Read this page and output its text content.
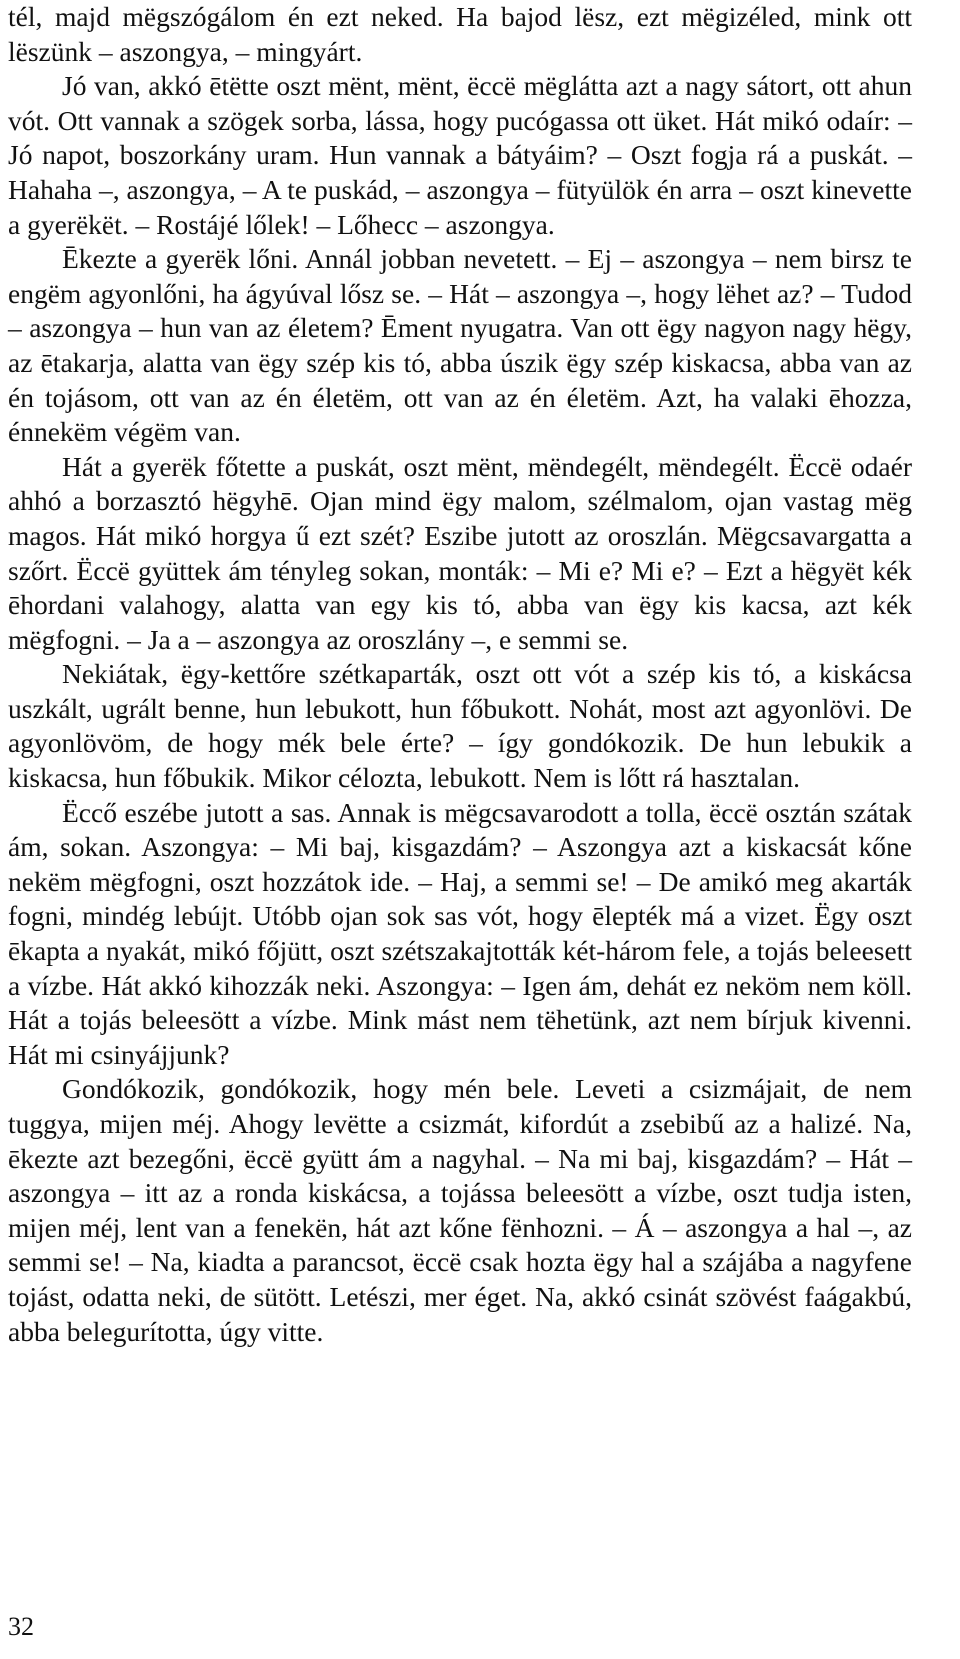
tél, majd mëgszógálom én ezt neked. Ha bajod lësz, ezt mëgizéled, mink ott lëszünk – aszongya, – mingyárt.

Jó van, akkó ētëtte oszt mënt, mënt, ëccë mëglátta azt a nagy sátort, ott ahun vót. Ott vannak a szögek sorba, lássa, hogy pucógassa ott üket. Hát mikó odaír: – Jó napot, boszorkány uram. Hun vannak a bátyáim? – Oszt fogja rá a puskát. – Hahaha –, aszongya, – A te puskád, – aszongya – fütyülök én arra – oszt kinevette a gyerëkët. – Rostájé lőlek! – Lőhecc – aszongya.

Ēkezte a gyerëk lőni. Annál jobban nevetett. – Ej – aszongya – nem birsz te engëm agyonlőni, ha ágyúval lősz se. – Hát – aszongya –, hogy lëhet az? – Tudod – aszongya – hun van az életem? Ēment nyugatra. Van ott ëgy nagyon nagy hëgy, az ētakarja, alatta van ëgy szép kis tó, abba úszik ëgy szép kiskacsa, abba van az én tojásom, ott van az én életëm, ott van az én életëm. Azt, ha valaki ēhozza, énnekëm végëm van.

Hát a gyerëk főtette a puskát, oszt mënt, mëndegélt, mëndegélt. Ëccë odaér ahhó a borzasztó hëgyhē. Ojan mind ëgy malom, szélmalom, ojan vastag mëg magos. Hát mikó horgya ű ezt szét? Eszibe jutott az oroszlán. Mëgcsavargatta a szőrt. Ëccë gyüttek ám tényleg sokan, monták: – Mi e? Mi e? – Ezt a hëgyët kék ēhordani valahogy, alatta van egy kis tó, abba van ëgy kis kacsa, azt kék mëgfogni. – Ja a – aszongya az oroszlány –, e semmi se.

Nekiátak, ëgy-kettőre szétkaparták, oszt ott vót a szép kis tó, a kiskácsa uszkált, ugrált benne, hun lebukott, hun főbukott. Nohát, most azt agyonlövi. De agyonlövöm, de hogy mék bele érte? – így gondókozik. De hun lebukik a kiskacsa, hun főbukik. Mikor célozta, lebukott. Nem is lőtt rá hasztalan.

Ëccő eszébe jutott a sas. Annak is mëgcsavarodott a tolla, ëccë osztán szátak ám, sokan. Aszongya: – Mi baj, kisgazdám? – Aszongya azt a kiskacsát kőne nekëm mëgfogni, oszt hozzátok ide. – Haj, a semmi se! – De amikó meg akarták fogni, mindég lebújt. Utóbb ojan sok sas vót, hogy ēlepték má a vizet. Ëgy oszt ēkapta a nyakát, mikó főjütt, oszt szétszakajtották két-három fele, a tojás beleesett a vízbe. Hát akkó kihozzák neki. Aszongya: – Igen ám, dehát ez neköm nem köll. Hát a tojás beleesött a vízbe. Mink mást nem tëhetünk, azt nem bírjuk kivenni. Hát mi csinyájjunk?

Gondókozik, gondókozik, hogy mén bele. Leveti a csizmájait, de nem tuggya, mijen méj. Ahogy levëtte a csizmát, kifordút a zsebibű az a halizé. Na, ēkezte azt bezegőni, ëccë gyütt ám a nagyhal. – Na mi baj, kisgazdám? – Hát – aszongya – itt az a ronda kiskácsa, a tojássa beleesött a vízbe, oszt tudja isten, mijen méj, lent van a fenekën, hát azt kőne fënhozni. – Á – aszongya a hal –, az semmi se! – Na, kiadta a parancsot, ëccë csak hozta ëgy hal a szájába a nagyfene tojást, odatta neki, de sütött. Letészi, mer éget. Na, akkó csinát szövést faágakbú, abba belegurította, úgy vitte.

32
